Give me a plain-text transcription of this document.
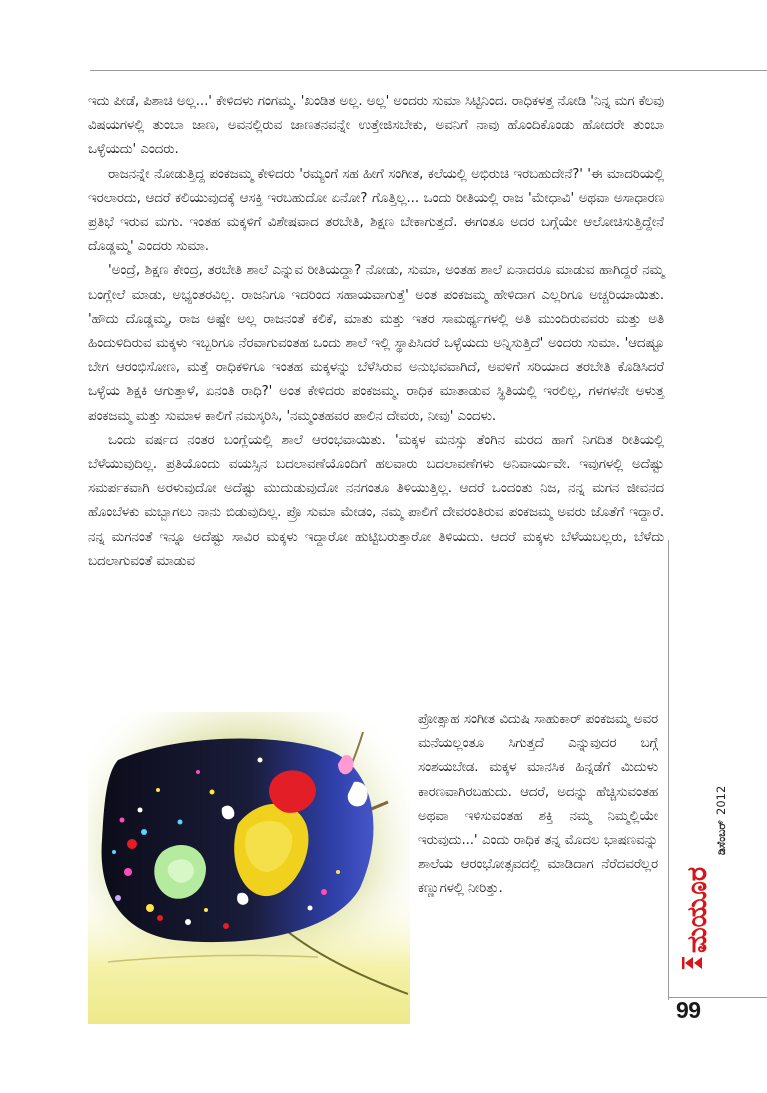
ಇದು ಪೀಡೆ, ಪಿಶಾಚಿ ಅಲ್ಲ...' ಕೇಳಿದಳು ಗಂಗಮ್ಮ. 'ಖಂಡಿತ ಅಲ್ಲ. ಅಲ್ಲ' ಅಂದರು ಸುಮಾ ಸಿಟ್ಟಿನಿಂದ. ರಾಧಿಕಳತ್ತ ನೋಡಿ 'ನಿನ್ನ ಮಗ ಕೆಲವು ವಿಷಯಗಳಲ್ಲಿ ತುಂಬಾ ಜಾಣ, ಅವನಲ್ಲಿರುವ ಜಾಣತನವನ್ನೇ ಉತ್ತೇಜಿಸಬೇಕು, ಅವನಿಗೆ ನಾವು ಹೊಂದಿಕೊಂಡು ಹೋದರೇ ತುಂಬಾ ಒಳ್ಳೆಯದು' ಎಂದರು.

ರಾಜನನ್ನೇ ನೋಡುತ್ತಿದ್ದ ಪಂಕಜಮ್ಮ ಕೇಳಿದರು 'ರಮ್ಯಂಗೆ ಸಹ ಹೀಗೆ ಸಂಗೀತ, ಕಲೆಯಲ್ಲಿ ಅಭಿರುಚಿ ಇರಬಹುದೇನೆ?' 'ಈ ಮಾದರಿಯಲ್ಲಿ ಇರಲಾರದು, ಆದರೆ ಕಲಿಯುವುದಕ್ಕೆ ಆಸಕ್ತಿ ಇರಬಹುದೋ ಏನೋ? ಗೊತ್ತಿಲ್ಲ... ಒಂದು ರೀತಿಯಲ್ಲಿ ರಾಜ 'ಮೇಧಾವಿ' ಅಥವಾ ಅಸಾಧಾರಣ ಪ್ರತಿಭೆ ಇರುವ ಮಗು. ಇಂತಹ ಮಕ್ಕಳಿಗೆ ವಿಶೇಷವಾದ ತರಬೇತಿ, ಶಿಕ್ಷಣ ಬೇಕಾಗುತ್ತದೆ. ಈಗಂತೂ ಅದರ ಬಗ್ಗೆಯೇ ಆಲೋಚಿಸುತ್ತಿದ್ದೇನೆ ದೊಡ್ಡಮ್ಮ' ಎಂದರು ಸುಮಾ.

'ಅಂದ್ರೆ, ಶಿಕ್ಷಣ ಕೇಂದ್ರ, ತರಬೇತಿ ಶಾಲೆ ಎನ್ನುವ ರೀತಿಯದ್ದಾ? ನೋಡು, ಸುಮಾ, ಅಂತಹ ಶಾಲೆ ಏನಾದರೂ ಮಾಡುವ ಹಾಗಿದ್ದರೆ ನಮ್ಮ ಬಂಗ್ಲೇಲೆ ಮಾಡು, ಅಭ್ಯಂತರವಿಲ್ಲ. ರಾಜನಿಗೂ ಇದರಿಂದ ಸಹಾಯವಾಗುತ್ತೆ' ಅಂತ ಪಂಕಜಮ್ಮ ಹೇಳಿದಾಗ ಎಲ್ಲರಿಗೂ ಅಚ್ಚರಿಯಾಯಿತು. 'ಹೌದು ದೊಡ್ಡಮ್ಮ, ರಾಜ ಅಷ್ಟೇ ಅಲ್ಲ ರಾಜನಂತೆ ಕಲಿಕೆ, ಮಾತು ಮತ್ತು ಇತರ ಸಾಮರ್ಥ್ಯಗಳಲ್ಲಿ ಅತಿ ಮುಂದಿರುವವರು ಮತ್ತು ಅತಿ ಹಿಂದುಳಿದಿರುವ ಮಕ್ಕಳು ಇಬ್ಬರಿಗೂ ನೆರವಾಗುವಂತಹ ಒಂದು ಶಾಲೆ ಇಲ್ಲಿ ಸ್ಥಾಪಿಸಿದರೆ ಒಳ್ಳೆಯದು ಅನ್ನಿಸುತ್ತಿದೆ' ಅಂದರು ಸುಮಾ. 'ಆದಷ್ಟೂ ಬೇಗ ಆರಂಭಿಸೋಣ, ಮತ್ತೆ ರಾಧಿಕಳಿಗೂ ಇಂತಹ ಮಕ್ಕಳನ್ನು ಬೆಳೆಸಿರುವ ಅನುಭವವಾಗಿದೆ, ಅವಳಿಗೆ ಸರಿಯಾದ ತರಬೇತಿ ಕೊಡಿಸಿದರೆ ಒಳ್ಳೆಯ ಶಿಕ್ಷಕಿ ಆಗುತ್ತಾಳೆ, ಏನಂತಿ ರಾಧಿ?' ಅಂತ ಕೇಳಿದರು ಪಂಕಜಮ್ಮ. ರಾಧಿಕ ಮಾತಾಡುವ ಸ್ಥಿತಿಯಲ್ಲಿ ಇರಲಿಲ್ಲ, ಗಳಗಳನೇ ಅಳುತ್ತ ಪಂಕಜಮ್ಮ ಮತ್ತು ಸುಮಾಳ ಕಾಲಿಗೆ ನಮಸ್ಕರಿಸಿ, 'ನಮ್ಮಂತಹವರ ಪಾಲಿನ ದೇವರು, ನೀವು' ಎಂದಳು.

ಒಂದು ವರ್ಷದ ನಂತರ ಬಂಗ್ಲೆಯಲ್ಲಿ ಶಾಲೆ ಆರಂಭವಾಯಿತು. 'ಮಕ್ಕಳ ಮನಸ್ಸು ತೆಂಗಿನ ಮರದ ಹಾಗೆ ನಿಗದಿತ ರೀತಿಯಲ್ಲಿ ಬೆಳೆಯುವುದಿಲ್ಲ. ಪ್ರತಿಯೊಂದು ವಯಸ್ಸಿನ ಬದಲಾವಣೆಯೊಂದಿಗೆ ಹಲವಾರು ಬದಲಾವಣೆಗಳು ಅನಿವಾರ್ಯವೇ. ಇವುಗಳಲ್ಲಿ ಅದೆಷ್ಟು ಸಮರ್ಪಕವಾಗಿ ಅರಳುವುದೋ ಅದೆಷ್ಟು ಮುದುಡುವುದೋ ನನಗಂತೂ ತಿಳಿಯುತ್ತಿಲ್ಲ. ಆದರೆ ಒಂದಂತು ನಿಜ, ನನ್ನ ಮಗನ ಜೀವನದ ಹೊಂಬೆಳಕು ಮಬ್ಬಾಗಲು ನಾನು ಬಿಡುವುದಿಲ್ಲ. ಪ್ರೊ ಸುಮಾ ಮೇಡಂ, ನಮ್ಮ ಪಾಲಿಗೆ ದೇವರಂತಿರುವ ಪಂಕಜಮ್ಮ ಅವರು ಜೊತೆಗೆ ಇದ್ದಾರೆ. ನನ್ನ ಮಗನಂತೆ ಇನ್ನೂ ಅದೆಷ್ಟು ಸಾವಿರ ಮಕ್ಕಳು ಇದ್ದಾರೋ ಹುಟ್ಟಿಬರುತ್ತಾರೋ ತಿಳಿಯದು. ಆದರೆ ಮಕ್ಕಳು ಬೆಳೆಯಬಲ್ಲರು, ಬೆಳೆದು ಬದಲಾಗುವಂತೆ ಮಾಡುವ

ಪ್ರೋತ್ಸಾಹ ಸಂಗೀತ ವಿದುಷಿ ಸಾಹುಕಾರ್ ಪಂಕಜಮ್ಮ ಅವರ ಮನೆಯಲ್ಲಂತೂ ಸಿಗುತ್ತದೆ ಎನ್ನುವುದರ ಬಗ್ಗೆ ಸಂಶಯಬೇಡ. ಮಕ್ಕಳ ಮಾನಸಿಕ ಹಿನ್ನಡೆಗೆ ಮಿದುಳು ಕಾರಣವಾಗಿರಬಹುದು. ಆದರೆ, ಅದನ್ನು ಹೆಚ್ಚಿಸುವಂತಹ ಅಥವಾ ಇಳಿಸುವಂತಹ ಶಕ್ತಿ ನಮ್ಮ ನಿಮ್ಮಲ್ಲಿಯೇ ಇರುವುದು...' ಎಂದು ರಾಧಿಕ ತನ್ನ ಮೊದಲ ಭಾಷಣವನ್ನು ಶಾಲೆಯ ಆರಂಭೋತ್ಸವದಲ್ಲಿ ಮಾಡಿದಾಗ ನೆರೆದವರೆಲ್ಲರ ಕಣ್ಣುಗಳಲ್ಲಿ ನೀರಿತ್ತು.	ಮಯೂರ
ಡಿಸೆಂಬರ್
2012
99
